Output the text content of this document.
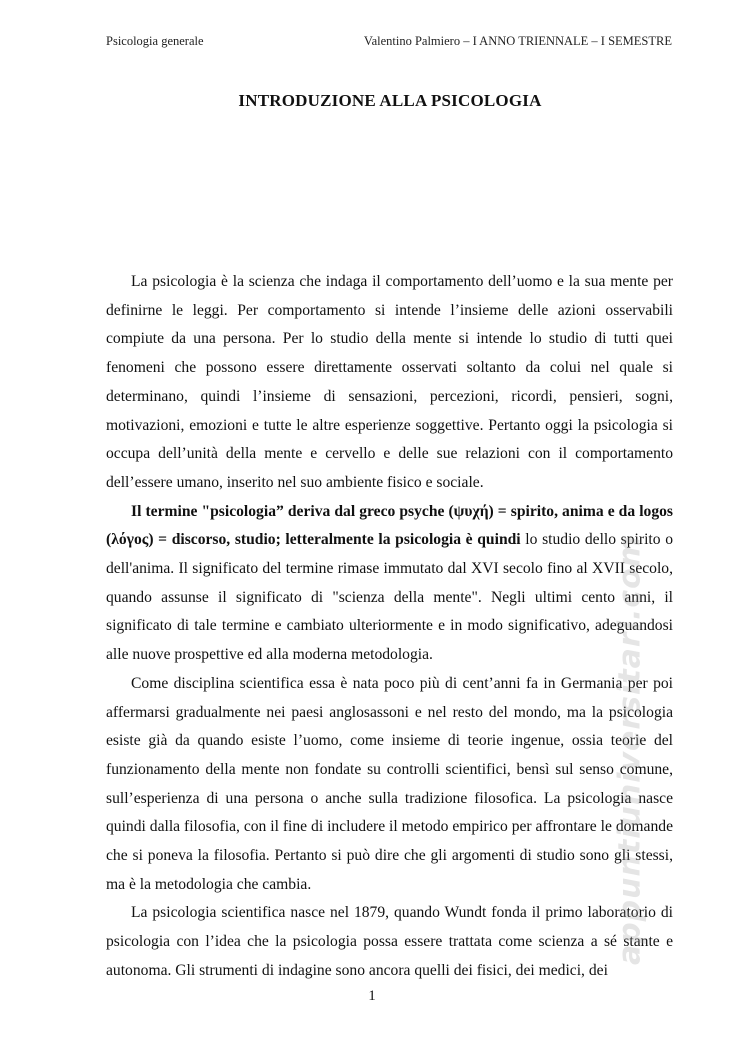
Psicologia generale	Valentino Palmiero – I ANNO TRIENNALE – I SEMESTRE
INTRODUZIONE ALLA PSICOLOGIA

La psicologia è la scienza che indaga il comportamento dell’uomo e la sua mente per definirne le leggi. Per comportamento si intende l’insieme delle azioni osservabili compiute da una persona. Per lo studio della mente si intende lo studio di tutti quei fenomeni che possono essere direttamente osservati soltanto da colui nel quale si determinano, quindi l’insieme di sensazioni, percezioni, ricordi, pensieri, sogni, motivazioni, emozioni e tutte le altre esperienze soggettive. Pertanto oggi la psicologia si occupa dell’unità della mente e cervello e delle sue relazioni con il comportamento dell’essere umano, inserito nel suo ambiente fisico e sociale.

Il termine "psicologia” deriva dal greco psyche (ψυχή) = spirito, anima e da logos (λόγος) = discorso, studio; letteralmente la psicologia è quindi lo studio dello spirito o dell'anima. Il significato del termine rimase immutato dal XVI secolo fino al XVII secolo, quando assunse il significato di "scienza della mente". Negli ultimi cento anni, il significato di tale termine e cambiato ulteriormente e in modo significativo, adeguandosi alle nuove prospettive ed alla moderna metodologia.

Come disciplina scientifica essa è nata poco più di cent’anni fa in Germania per poi affermarsi gradualmente nei paesi anglosassoni e nel resto del mondo, ma la psicologia esiste già da quando esiste l’uomo, come insieme di teorie ingenue, ossia teorie del funzionamento della mente non fondate su controlli scientifici, bensì sul senso comune, sull’esperienza di una persona o anche sulla tradizione filosofica. La psicologia nasce quindi dalla filosofia, con il fine di includere il metodo empirico per affrontare le domande che si poneva la filosofia. Pertanto si può dire che gli argomenti di studio sono gli stessi, ma è la metodologia che cambia.

La psicologia scientifica nasce nel 1879, quando Wundt fonda il primo laboratorio di psicologia con l’idea che la psicologia possa essere trattata come scienza a sé stante e autonoma. Gli strumenti di indagine sono ancora quelli dei fisici, dei medici, dei

appuntiuniversitari.com
1
